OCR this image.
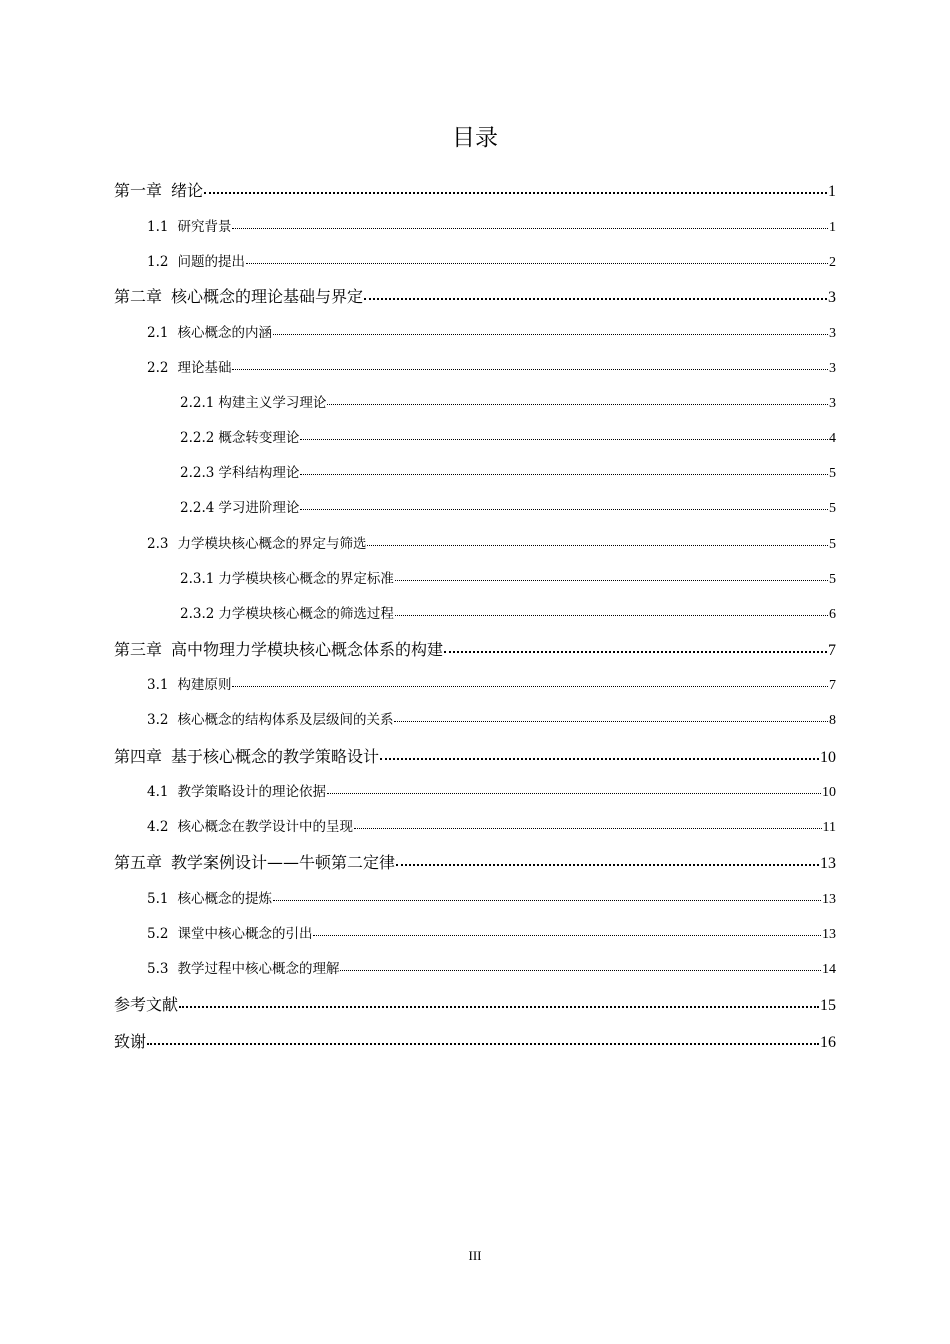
目录
第一章 绪论	1
1.1 研究背景	1
1.2 问题的提出	2
第二章 核心概念的理论基础与界定	3
2.1 核心概念的内涵	3
2.2 理论基础	3
2.2.1 构建主义学习理论	3
2.2.2 概念转变理论	4
2.2.3 学科结构理论	5
2.2.4 学习进阶理论	5
2.3 力学模块核心概念的界定与筛选	5
2.3.1 力学模块核心概念的界定标准	5
2.3.2 力学模块核心概念的筛选过程	6
第三章 高中物理力学模块核心概念体系的构建	7
3.1 构建原则	7
3.2 核心概念的结构体系及层级间的关系	8
第四章 基于核心概念的教学策略设计	10
4.1 教学策略设计的理论依据	10
4.2 核心概念在教学设计中的呈现	11
第五章 教学案例设计——牛顿第二定律	13
5.1 核心概念的提炼	13
5.2 课堂中核心概念的引出	13
5.3 教学过程中核心概念的理解	14
参考文献	15
致谢	16
III
